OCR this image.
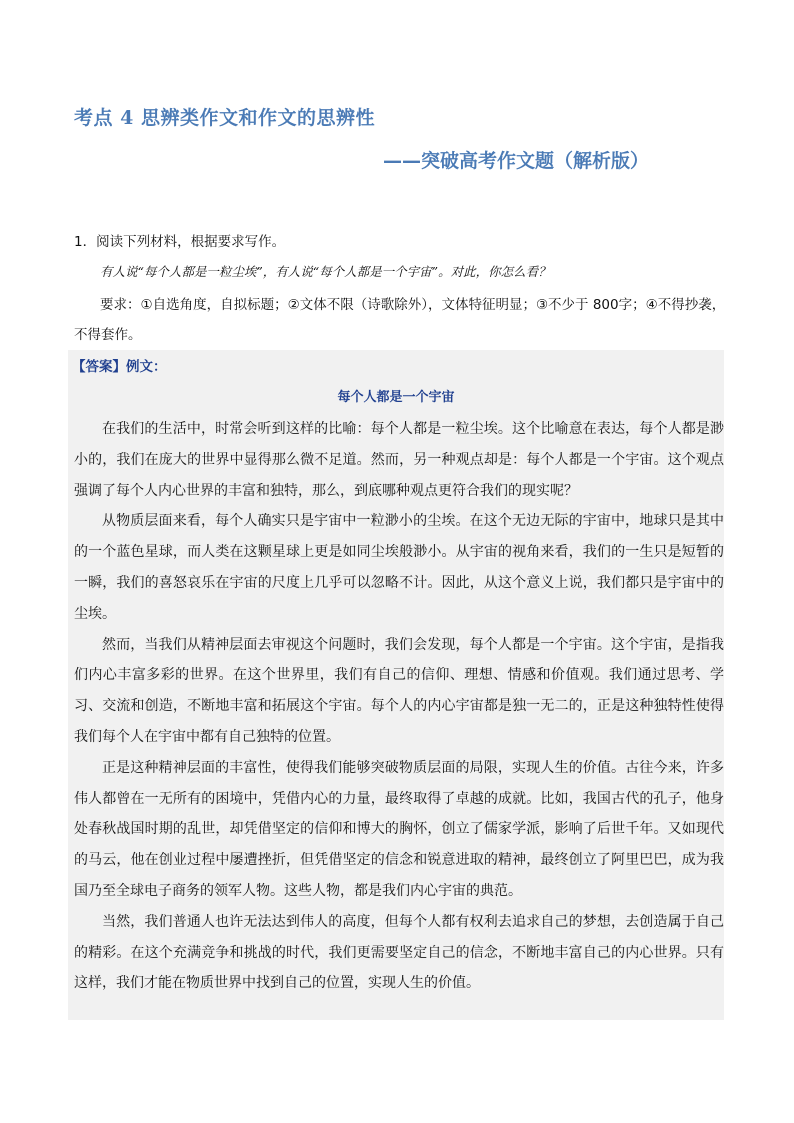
考点 4 思辨类作文和作文的思辨性
——突破高考作文题（解析版）
1．阅读下列材料，根据要求写作。
有人说“每个人都是一粒尘埃”，有人说“每个人都是一个宇宙”。对此，你怎么看？
要求：①自选角度，自拟标题；②文体不限（诗歌除外），文体特征明显；③不少于 800字；④不得抄袭，不得套作。
【答案】例文：
每个人都是一个宇宙

在我们的生活中，时常会听到这样的比喻：每个人都是一粒尘埃。这个比喻意在表达，每个人都是渺小的，我们在庞大的世界中显得那么微不足道。然而，另一种观点却是：每个人都是一个宇宙。这个观点强调了每个人内心世界的丰富和独特，那么，到底哪种观点更符合我们的现实呢？

从物质层面来看，每个人确实只是宇宙中一粒渺小的尘埃。在这个无边无际的宇宙中，地球只是其中的一个蓝色星球，而人类在这颗星球上更是如同尘埃般渺小。从宇宙的视角来看，我们的一生只是短暂的一瞬，我们的喜怒哀乐在宇宙的尺度上几乎可以忽略不计。因此，从这个意义上说，我们都只是宇宙中的尘埃。

然而，当我们从精神层面去审视这个问题时，我们会发现，每个人都是一个宇宙。这个宇宙，是指我们内心丰富多彩的世界。在这个世界里，我们有自己的信仰、理想、情感和价值观。我们通过思考、学习、交流和创造，不断地丰富和拓展这个宇宙。每个人的内心宇宙都是独一无二的，正是这种独特性使得我们每个人在宇宙中都有自己独特的位置。

正是这种精神层面的丰富性，使得我们能够突破物质层面的局限，实现人生的价值。古往今来，许多伟人都曾在一无所有的困境中，凭借内心的力量，最终取得了卓越的成就。比如，我国古代的孔子，他身处春秋战国时期的乱世，却凭借坚定的信仰和博大的胸怀，创立了儒家学派，影响了后世千年。又如现代的马云，他在创业过程中屡遭挫折，但凭借坚定的信念和锐意进取的精神，最终创立了阿里巴巴，成为我国乃至全球电子商务的领军人物。这些人物，都是我们内心宇宙的典范。

当然，我们普通人也许无法达到伟人的高度，但每个人都有权利去追求自己的梦想，去创造属于自己的精彩。在这个充满竞争和挑战的时代，我们更需要坚定自己的信念，不断地丰富自己的内心世界。只有这样，我们才能在物质世界中找到自己的位置，实现人生的价值。
